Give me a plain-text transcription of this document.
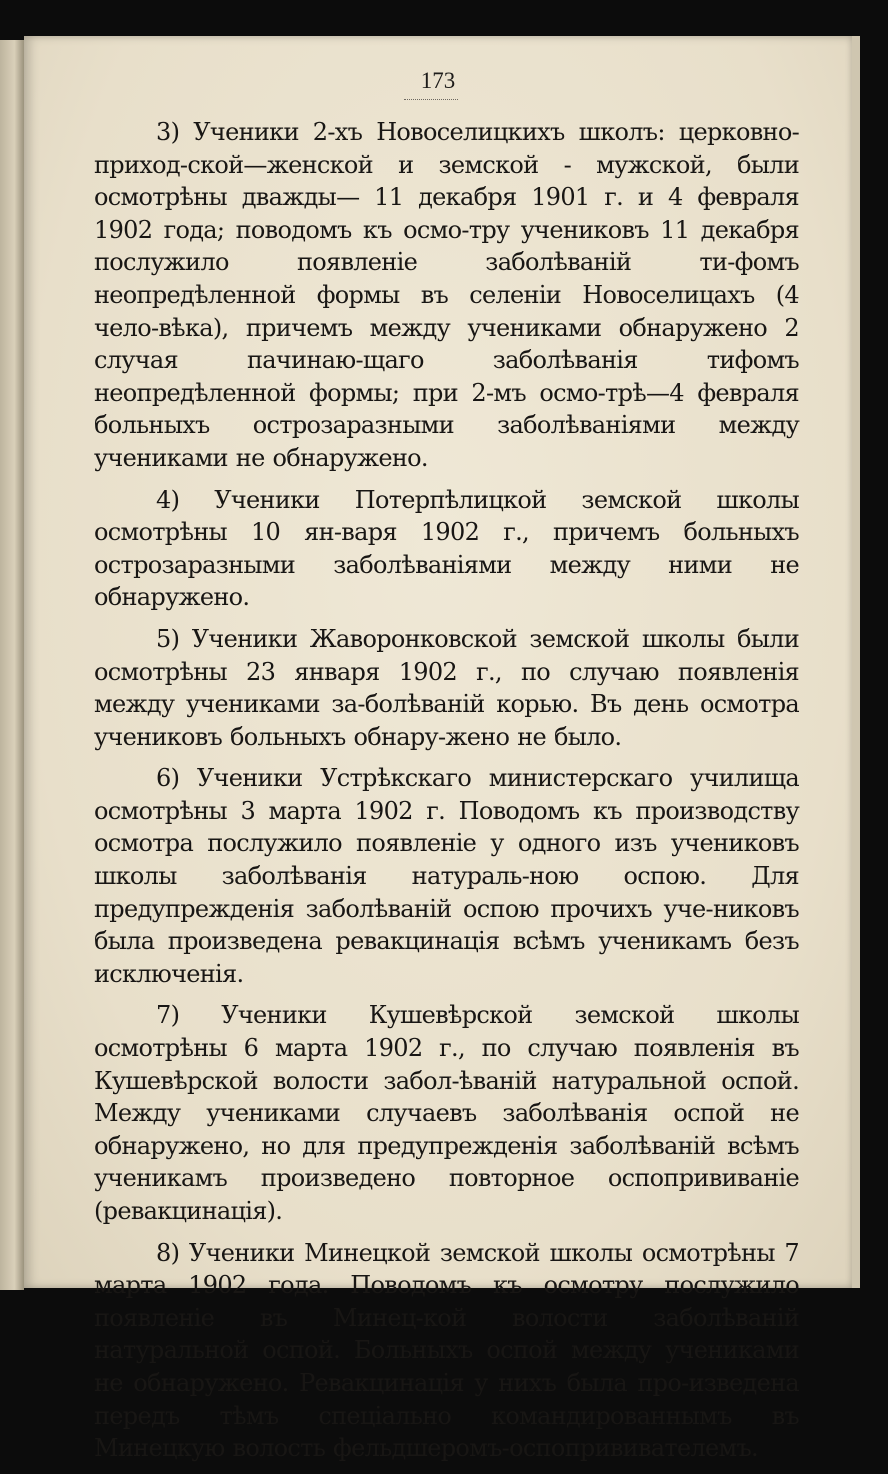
173

3) Ученики 2-хъ Новоселицкихъ школъ: церковно-приход-ской—женской и земской - мужской, были осмотрѣны дважды— 11 декабря 1901 г. и 4 февраля 1902 года; поводомъ къ осмо-тру учениковъ 11 декабря послужило появленіе заболѣваній ти-фомъ неопредѣленной формы въ селеніи Новоселицахъ (4 чело-вѣка), причемъ между учениками обнаружено 2 случая пачинаю-щаго заболѣванія тифомъ неопредѣленной формы; при 2-мъ осмо-трѣ—4 февраля больныхъ острозаразными заболѣваніями между учениками не обнаружено.

4) Ученики Потерпѣлицкой земской школы осмотрѣны 10 ян-варя 1902 г., причемъ больныхъ острозаразными заболѣваніями между ними не обнаружено.

5) Ученики Жаворонковской земской школы были осмотрѣны 23 января 1902 г., по случаю появленія между учениками за-болѣваній корью. Въ день осмотра учениковъ больныхъ обнару-жено не было.

6) Ученики Устрѣкскаго министерскаго училища осмотрѣны 3 марта 1902 г. Поводомъ къ производству осмотра послужило появленіе у одного изъ учениковъ школы заболѣванія натураль-ною оспою. Для предупрежденія заболѣваній оспою прочихъ уче-никовъ была произведена ревакцинація всѣмъ ученикамъ безъ исключенія.

7) Ученики Кушевѣрской земской школы осмотрѣны 6 марта 1902 г., по случаю появленія въ Кушевѣрской волости забол-ѣваній натуральной оспой. Между учениками случаевъ заболѣванія оспой не обнаружено, но для предупрежденія заболѣваній всѣмъ ученикамъ произведено повторное оспопрививаніе (ревакцинація).

8) Ученики Минецкой земской школы осмотрѣны 7 марта 1902 года. Поводомъ къ осмотру послужило появленіе въ Минец-кой волости заболѣваній натуральной оспой. Больныхъ оспой между учениками не обнаружено. Ревакцинація у нихъ была про-изведена передъ тѣмъ спеціально командированнымъ въ Минецкую волость фельдшеромъ-оспопрививателемъ.
